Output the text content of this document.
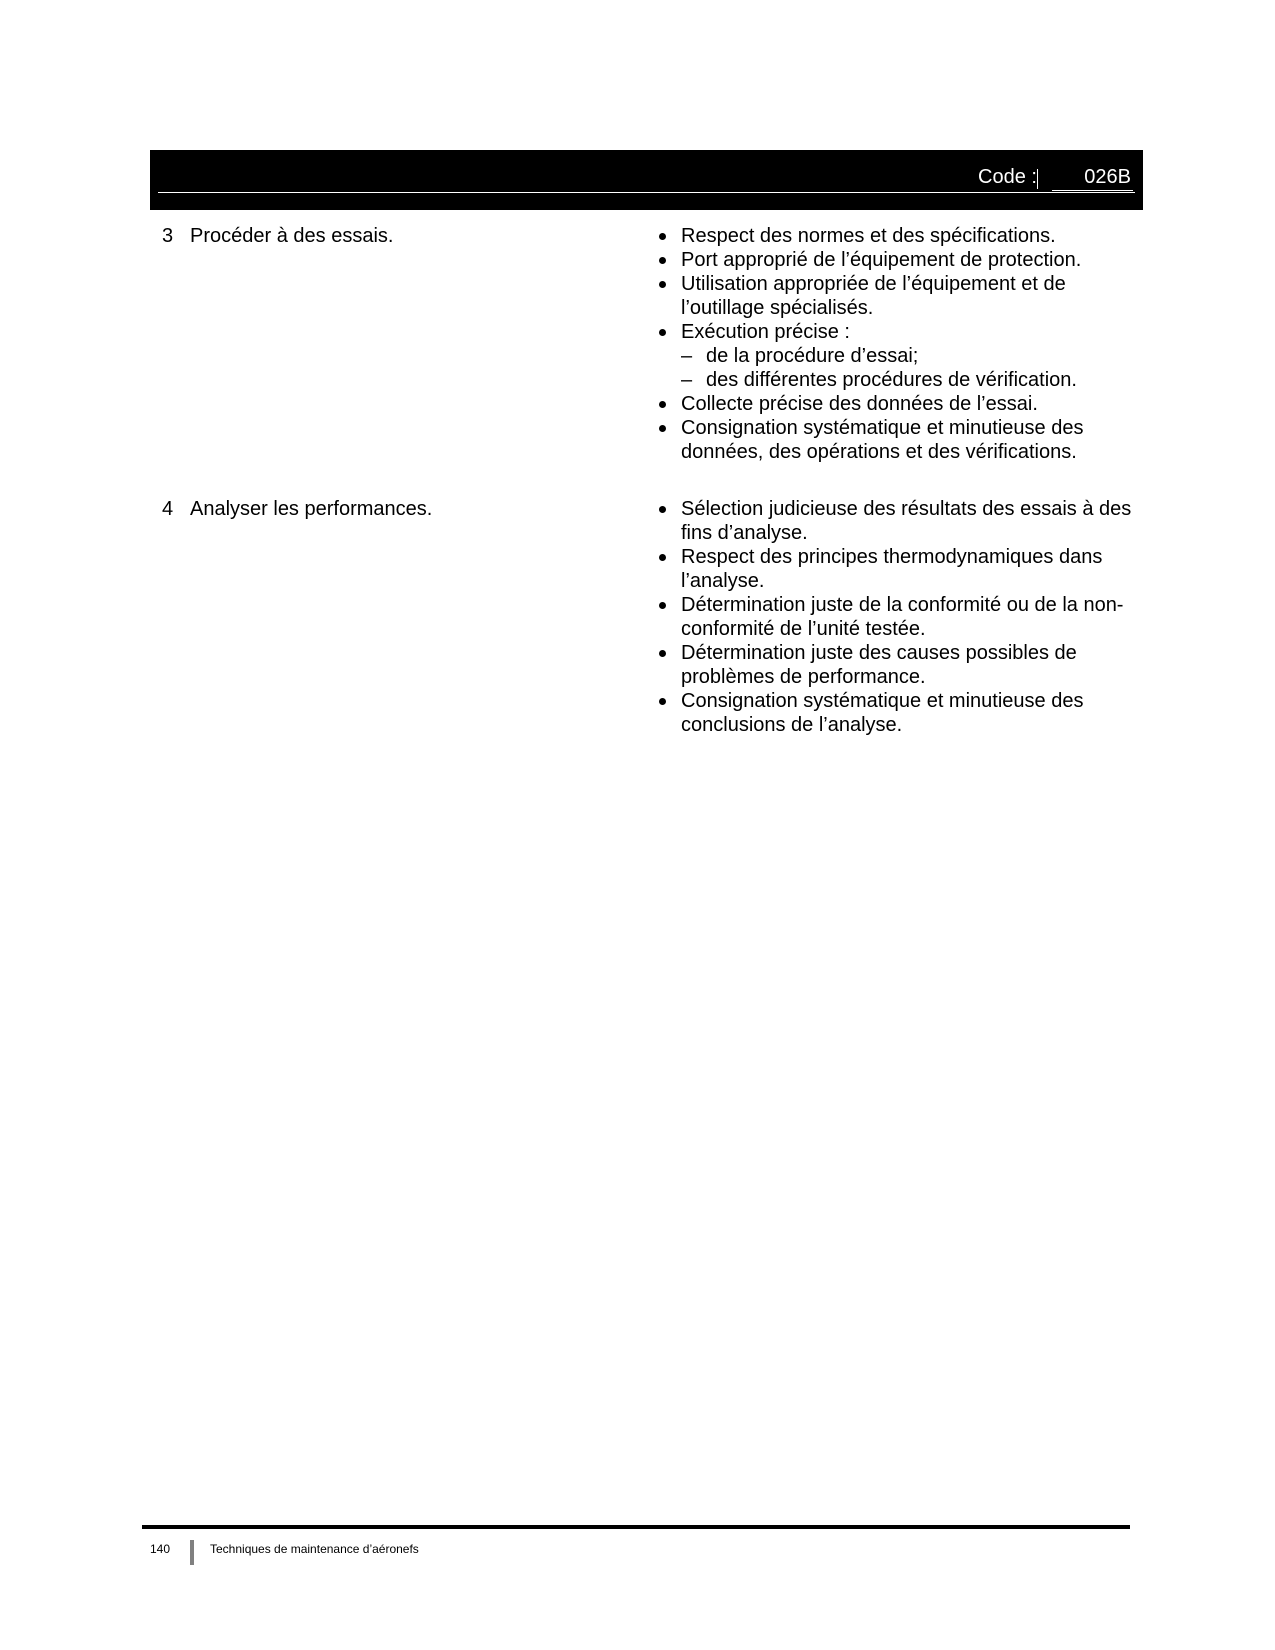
Code :	026B
3 Procéder à des essais.	Respect des normes et des spécifications.
Port approprié de l’équipement de protection.
Utilisation appropriée de l’équipement et de l’outillage spécialisés.
Exécution précise :
– de la procédure d’essai;
– des différentes procédures de vérification.
Collecte précise des données de l’essai.
Consignation systématique et minutieuse des données, des opérations et des vérifications.
4 Analyser les performances.	Sélection judicieuse des résultats des essais à des fins d’analyse.
Respect des principes thermodynamiques dans l’analyse.
Détermination juste de la conformité ou de la non-conformité de l’unité testée.
Détermination juste des causes possibles de problèmes de performance.
Consignation systématique et minutieuse des conclusions de l’analyse.
140	Techniques de maintenance d’aéronefs
